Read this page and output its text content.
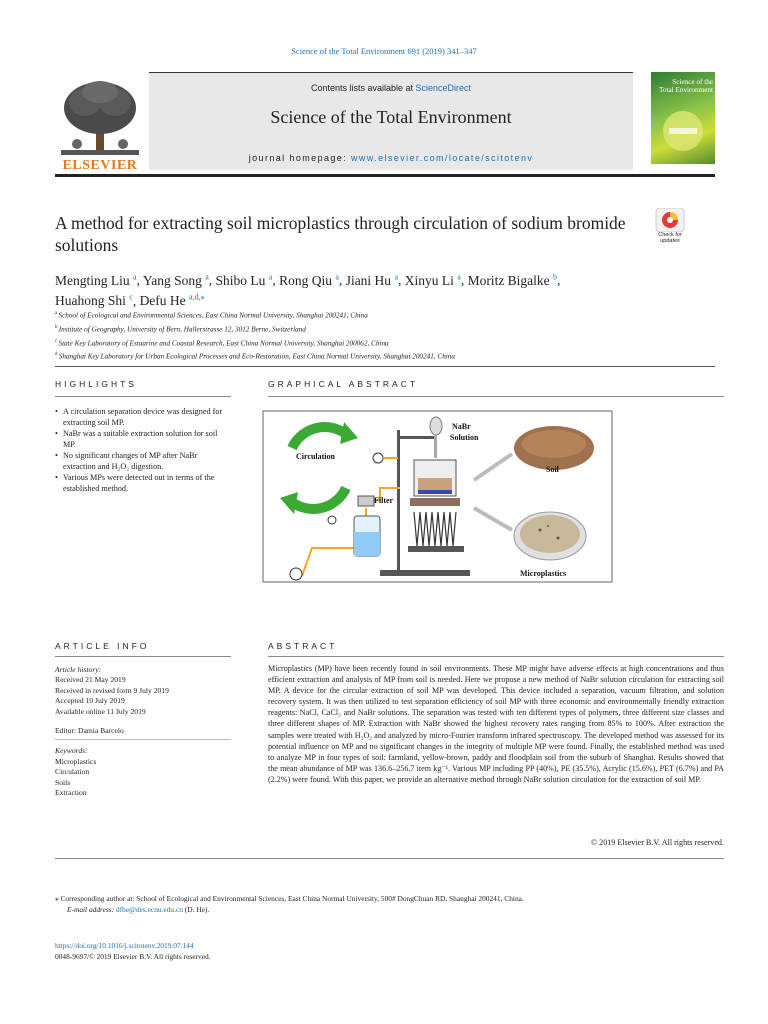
Science of the Total Environment 691 (2019) 341–347
ELSEVIER
Contents lists available at ScienceDirect
Science of the Total Environment
journal homepage: www.elsevier.com/locate/scitotenv
Science of the
Total Environment
A method for extracting soil microplastics through circulation of sodium bromide solutions	Check for updates
Mengting Liu $^a$, Yang Song $^a$, Shibo Lu $^a$, Rong Qiu $^a$, Jiani Hu $^a$, Xinyu Li $^a$, Moritz Bigalke $^b$,
Huahong Shi $^c$, Defu He $^{a,d,⁎}$
$^a$ School of Ecological and Environmental Sciences, East China Normal University, Shanghai 200241, China
$^b$ Institute of Geography, University of Bern, Hallerstrasse 12, 3012 Berne, Switzerland
$^c$ State Key Laboratory of Estuarine and Coastal Research, East China Normal University, Shanghai 200062, China
$^d$ Shanghai Key Laboratory for Urban Ecological Processes and Eco-Restoration, East China Normal University, Shanghai 200241, China
HIGHLIGHTS
• A circulation separation device was designed for extracting soil MP.
• NaBr was a suitable extraction solution for soil MP.
• No significant changes of MP after NaBr extraction and H₂O₂ digestion.
• Various MPs were detected out in terms of the established method.
GRAPHICAL ABSTRACT
Circulation
Filter
NaBr
Solution
Soil
Microplastics
ARTICLE INFO
Article history:
Received 21 May 2019
Received in revised form 9 July 2019
Accepted 10 July 2019
Available online 11 July 2019
Editor: Damia Barcelo
Keywords:
Microplastics
Circulation
Soils
Extraction
ABSTRACT
Microplastics (MP) have been recently found in soil environments. These MP might have adverse effects at high concentrations and thus efficient extraction and analysis of MP from soil is needed. Here we propose a new method of NaBr solution circulation for extracting soil MP. A device for the circular extraction of soil MP was developed. This device included a separation, vacuum filtration, and solution recovery system. It was then utilized to test separation efficiency of soil MP with three economic and environmentally friendly extraction reagents: NaCl, CaCl₂ and NaBr solutions. The separation was tested with ten different types of polymers, three different size classes and three different shapes of MP. Extraction with NaBr showed the highest recovery rates ranging from 85% to 100%. After extraction the samples were treated with H₂O₂ and analyzed by micro-Fourier transform infrared spectroscopy. The developed method was assessed for its potential influence on MP and no significant changes in the integrity of multiple MP were found. Finally, the established method was used to analyze MP in four types of soil: farmland, yellow-brown, paddy and floodplain soil from the suburb of Shanghai. Results showed that the mean abundance of MP was 136.6–256.7 item kg⁻¹. Various MP including PP (40%), PE (35.5%), Acrylic (15.6%), PET (6.7%) and PA (2.2%) were found. With this paper, we provide an alternative method through NaBr solution circulation for the extraction of soil MP.
© 2019 Elsevier B.V. All rights reserved.
⁎ Corresponding author at: School of Ecological and Environmental Sciences, East China Normal University, 500# DongChuan RD, Shanghai 200241, China.
E-mail address: dfhe@des.ecnu.edu.cn (D. He).
https://doi.org/10.1016/j.scitotenv.2019.07.144
0048-9697/© 2019 Elsevier B.V. All rights reserved.
